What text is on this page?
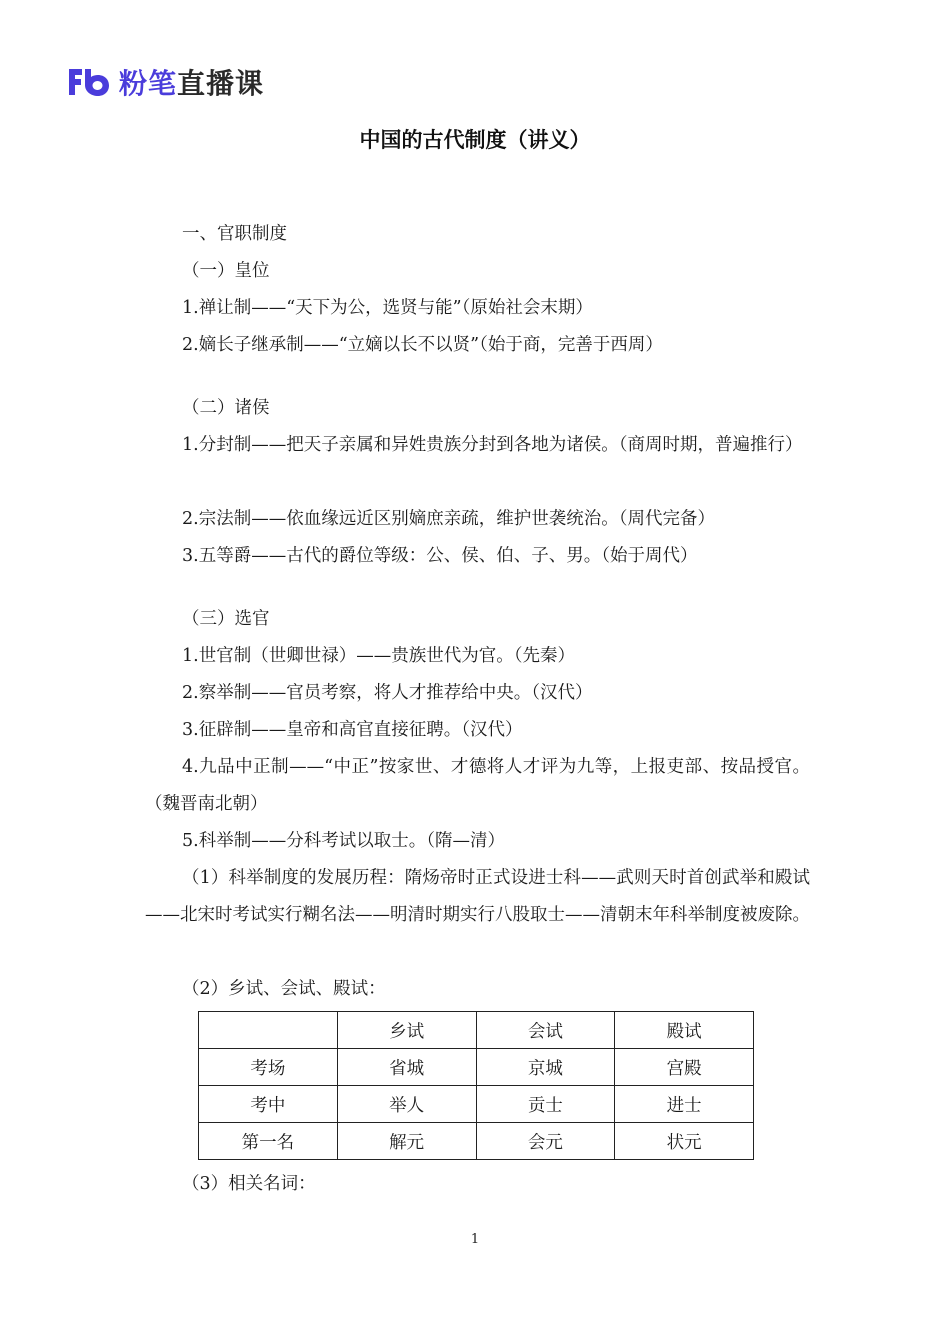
粉笔直播课
中国的古代制度（讲义）

一、官职制度

（一）皇位

1.禅让制——“天下为公，选贤与能”（原始社会末期）

2.嫡长子继承制——“立嫡以长不以贤”（始于商，完善于西周）

（二）诸侯

1.分封制——把天子亲属和异姓贵族分封到各地为诸侯。（商周时期，普遍推行）

2.宗法制——依血缘远近区别嫡庶亲疏，维护世袭统治。（周代完备）

3.五等爵——古代的爵位等级：公、侯、伯、子、男。（始于周代）

（三）选官

1.世官制（世卿世禄）——贵族世代为官。（先秦）

2.察举制——官员考察，将人才推荐给中央。（汉代）

3.征辟制——皇帝和高官直接征聘。（汉代）

4.九品中正制——“中正”按家世、才德将人才评为九等，上报吏部、按品授官。（魏晋南北朝）

5.科举制——分科考试以取士。（隋—清）

（1）科举制度的发展历程：隋炀帝时正式设进士科——武则天时首创武举和殿试——北宋时考试实行糊名法——明清时期实行八股取士——清朝末年科举制度被废除。

（2）乡试、会试、殿试：

	乡试	会试	殿试
考场	省城	京城	宫殿
考中	举人	贡士	进士
第一名	解元	会元	状元

（3）相关名词：

1
